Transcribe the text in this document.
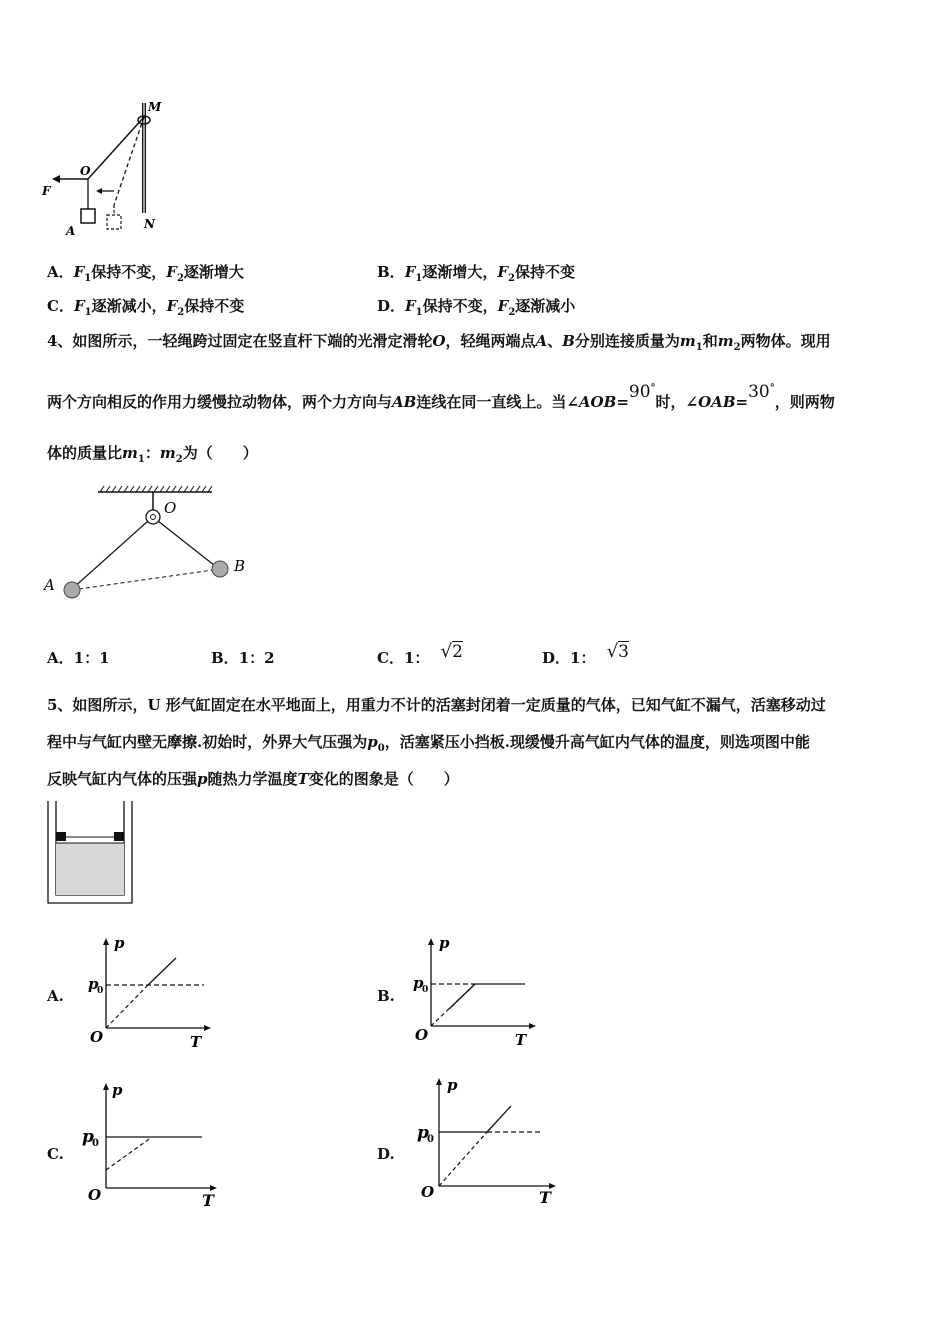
M
O
F
A	N
A．$F_1$保持不变，$F_2$逐渐增大	B．$F_1$逐渐增大，$F_2$保持不变
C．$F_1$逐渐减小，$F_2$保持不变	D．$F_1$保持不变，$F_2$逐渐减小
4、如图所示，一轻绳跨过固定在竖直杆下端的光滑定滑轮O，轻绳两端点A、B分别连接质量为$m_1$和$m_2$两物体。现用
两个方向相反的作用力缓慢拉动物体，两个力方向与AB连线在同一直线上。当∠AOB=90°时，∠OAB=30°，则两物
体的质量比$m_1$：$m_2$为（　　）
O
A
B
A．1：1	B．1：2	C．1： √2	D．1： √3
5、如图所示，U 形气缸固定在水平地面上，用重力不计的活塞封闭着一定质量的气体，已知气缸不漏气，活塞移动过
程中与气缸内壁无摩擦.初始时，外界大气压强为$p_0$，活塞紧压小挡板.现缓慢升高气缸内气体的温度，则选项图中能
反映气缸内气体的压强p随热力学温度T变化的图象是（　　）
A.	B.
C.	D.
p
p
0
O	T
p
p
0
O	T
p
p
0
O	T
p
p
0
O	T
